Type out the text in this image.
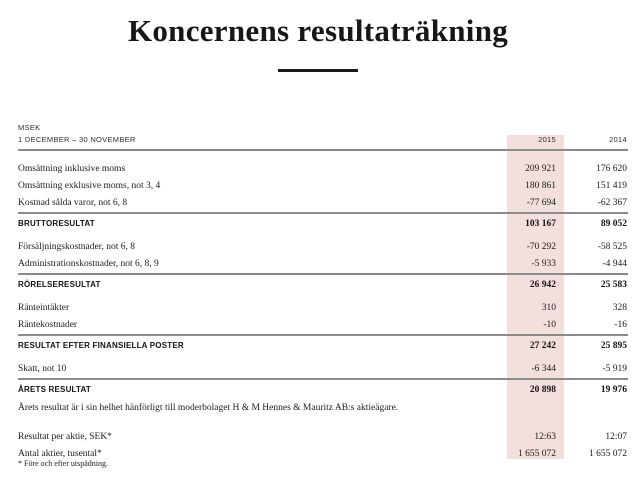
Koncernens resultaträkning
MSEK
1 DECEMBER – 30 NOVEMBER	2015	2014
Omsättning inklusive moms	209 921	176 620
Omsättning exklusive moms, not 3, 4	180 861	151 419
Kostnad sålda varor, not 6, 8	-77 694	-62 367
BRUTTORESULTAT	103 167	89 052
Försäljningskostnader, not 6, 8	-70 292	-58 525
Administrationskostnader, not 6, 8, 9	-5 933	-4 944
RÖRELSERESULTAT	26 942	25 583
Ränteintäkter	310	328
Räntekostnader	-10	-16
RESULTAT EFTER FINANSIELLA POSTER	27 242	25 895
Skatt, not 10	-6 344	-5 919
ÅRETS RESULTAT	20 898	19 976
Årets resultat är i sin helhet hänförligt till moderbolaget H & M Hennes & Mauritz AB:s aktieägare.
Resultat per aktie, SEK*	12:63	12:07
Antal aktier, tusental*	1 655 072	1 655 072
* Före och efter utspädning.
